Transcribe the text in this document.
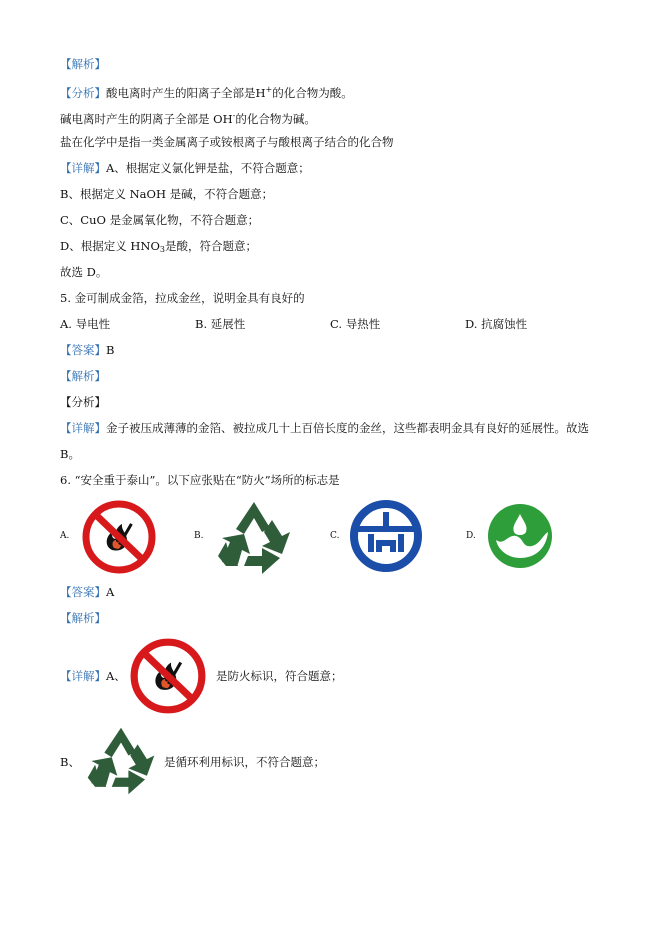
【解析】
【分析】酸电离时产生的阳离子全部是H+的化合物为酸。
碱电离时产生的阴离子全部是 OH-的化合物为碱。
盐在化学中是指一类金属离子或铵根离子与酸根离子结合的化合物
【详解】A、根据定义氯化钾是盐，不符合题意；
B、根据定义 NaOH 是碱，不符合题意；
C、CuO 是金属氧化物，不符合题意；
D、根据定义 $HNO_3$是酸，符合题意；
故选 D。
5. 金可制成金箔，拉成金丝，说明金具有良好的
A. 导电性	B. 延展性	C. 导热性	D. 抗腐蚀性
【答案】B
【解析】
【分析】
【详解】金子被压成薄薄的金箔、被拉成几十上百倍长度的金丝，这些都表明金具有良好的延展性。故选
B。
6. “安全重于泰山”。以下应张贴在“防火”场所的标志是
A.	B.	C.	D.
【答案】A
【解析】
【详解】A、	是防火标识，符合题意；
B、	是循环利用标识，不符合题意；
